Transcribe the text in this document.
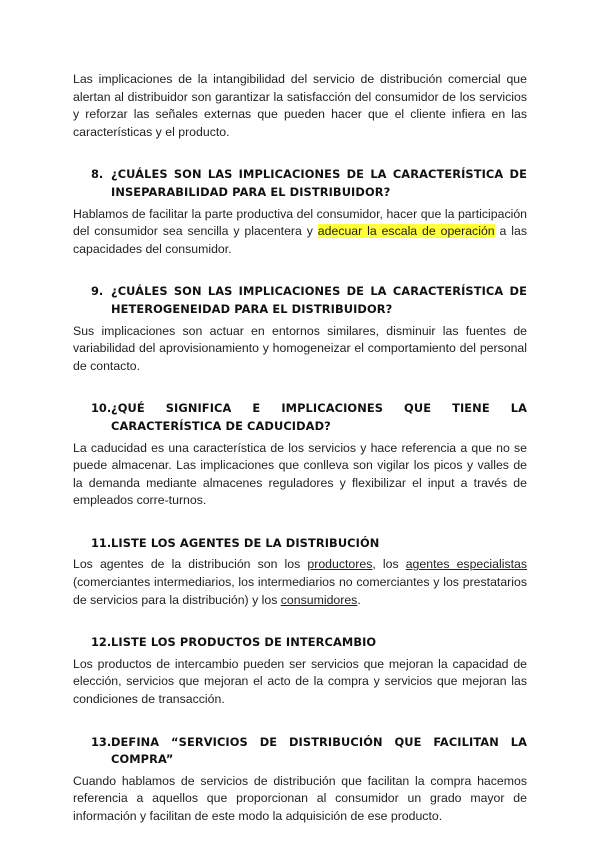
Las implicaciones de la intangibilidad del servicio de distribución comercial que alertan al distribuidor son garantizar la satisfacción del consumidor de los servicios y reforzar las señales externas que pueden hacer que el cliente infiera en las características y el producto.

8. ¿CUÁLES SON LAS IMPLICACIONES DE LA CARACTERÍSTICA DE INSEPARABILIDAD PARA EL DISTRIBUIDOR?

Hablamos de facilitar la parte productiva del consumidor, hacer que la participación del consumidor sea sencilla y placentera y adecuar la escala de operación a las capacidades del consumidor.

9. ¿CUÁLES SON LAS IMPLICACIONES DE LA CARACTERÍSTICA DE HETEROGENEIDAD PARA EL DISTRIBUIDOR?

Sus implicaciones son actuar en entornos similares, disminuir las fuentes de variabilidad del aprovisionamiento y homogeneizar el comportamiento del personal de contacto.

10. ¿QUÉ SIGNIFICA E IMPLICACIONES QUE TIENE LA CARACTERÍSTICA DE CADUCIDAD?

La caducidad es una característica de los servicios y hace referencia a que no se puede almacenar. Las implicaciones que conlleva son vigilar los picos y valles de la demanda mediante almacenes reguladores y flexibilizar el input a través de empleados corre-turnos.

11. LISTE LOS AGENTES DE LA DISTRIBUCIÓN

Los agentes de la distribución son los productores, los agentes especialistas (comerciantes intermediarios, los intermediarios no comerciantes y los prestatarios de servicios para la distribución) y los consumidores.

12. LISTE LOS PRODUCTOS DE INTERCAMBIO

Los productos de intercambio pueden ser servicios que mejoran la capacidad de elección, servicios que mejoran el acto de la compra y servicios que mejoran las condiciones de transacción.

13. DEFINA “SERVICIOS DE DISTRIBUCIÓN QUE FACILITAN LA COMPRA”

Cuando hablamos de servicios de distribución que facilitan la compra hacemos referencia a aquellos que proporcionan al consumidor un grado mayor de información y facilitan de este modo la adquisición de ese producto.
